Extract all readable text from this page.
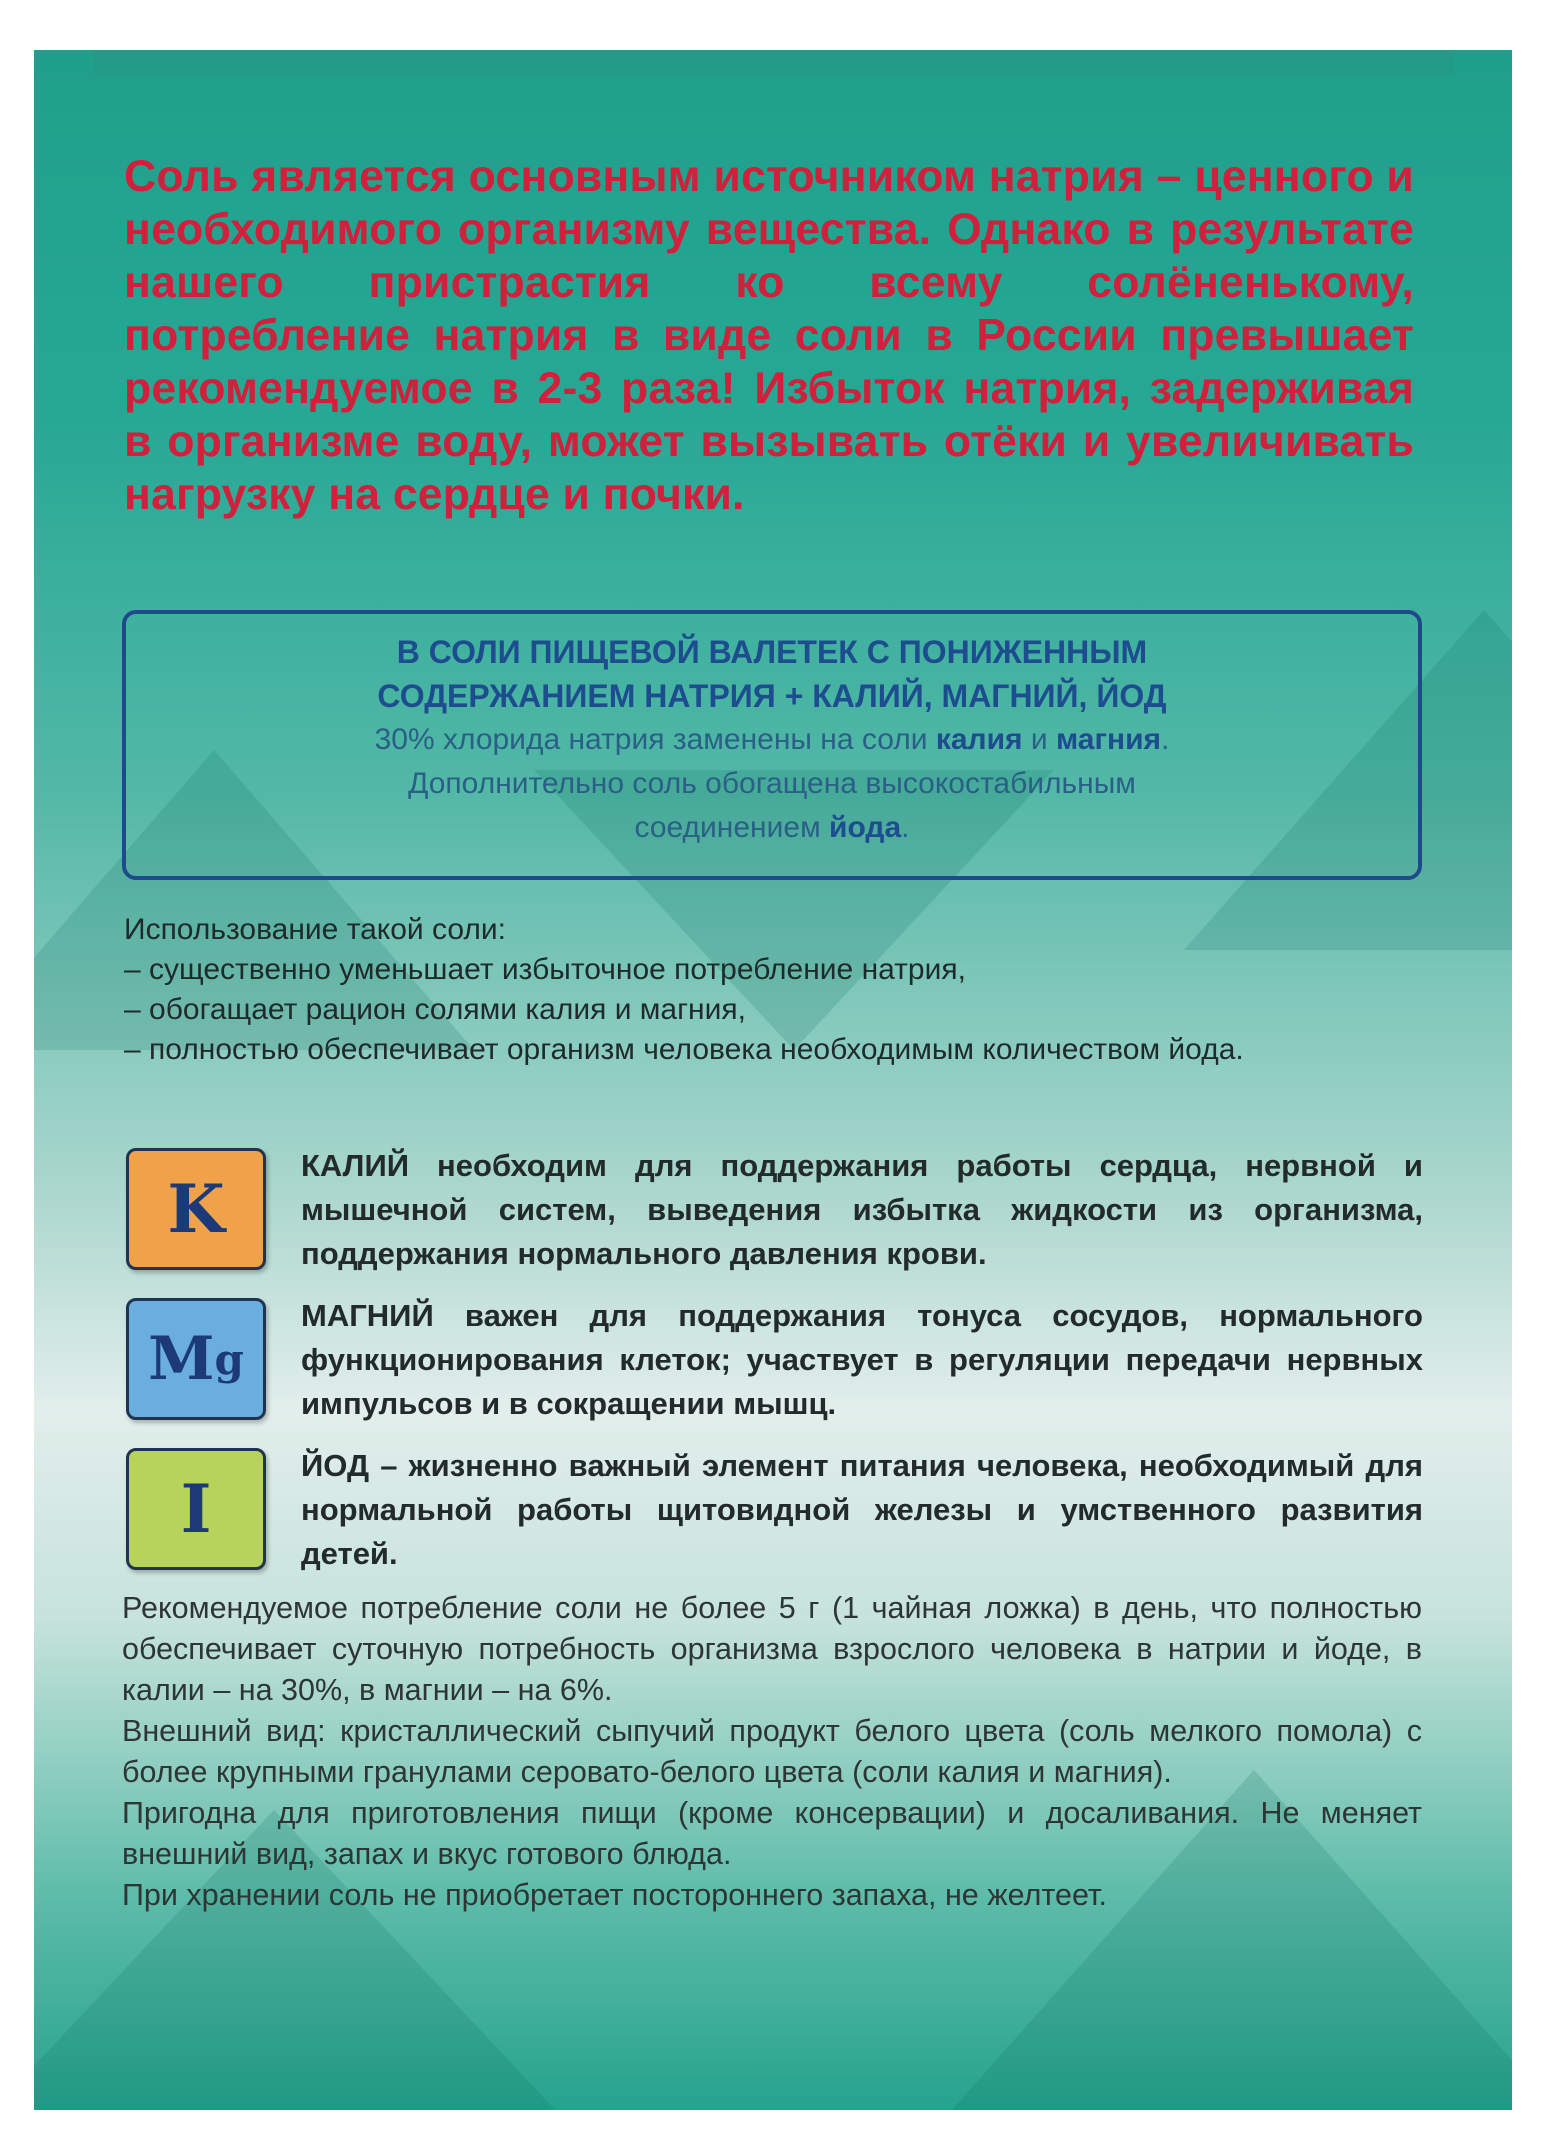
Соль является основным источником натрия – ценного и необходимого организму вещества. Однако в результате нашего пристрастия ко всему солёненькому, потребление натрия в виде соли в России превышает рекомендуемое в 2-3 раза! Избыток натрия, задерживая в организме воду, может вызывать отёки и увеличивать нагрузку на сердце и почки.
В СОЛИ ПИЩЕВОЙ ВАЛЕТЕК С ПОНИЖЕННЫМ
СОДЕРЖАНИЕМ НАТРИЯ + КАЛИЙ, МАГНИЙ, ЙОД
30% хлорида натрия заменены на соли калия и магния.
Дополнительно соль обогащена высокостабильным
соединением йода.
Использование такой соли:
– существенно уменьшает избыточное потребление натрия,
– обогащает рацион солями калия и магния,
– полностью обеспечивает организм человека необходимым количеством йода.
K
КАЛИЙ необходим для поддержания работы сердца, нервной и мышечной систем, выведения избытка жидкости из организма, поддержания нормального давления крови.
M g
МАГНИЙ важен для поддержания тонуса сосудов, нормального функционирования клеток; участвует в регуляции передачи нервных импульсов и в сокращении мышц.
I
ЙОД – жизненно важный элемент питания человека, необходимый для нормальной работы щитовидной железы и умственного развития детей.

Рекомендуемое потребление соли не более 5 г (1 чайная ложка) в день, что полностью обеспечивает суточную потребность организма взрослого человека в натрии и йоде, в калии – на 30%, в магнии – на 6%.

Внешний вид: кристаллический сыпучий продукт белого цвета (соль мелкого помола) с более крупными гранулами серовато-белого цвета (соли калия и магния).

Пригодна для приготовления пищи (кроме консервации) и досаливания. Не меняет внешний вид, запах и вкус готового блюда.

При хранении соль не приобретает постороннего запаха, не желтеет.
